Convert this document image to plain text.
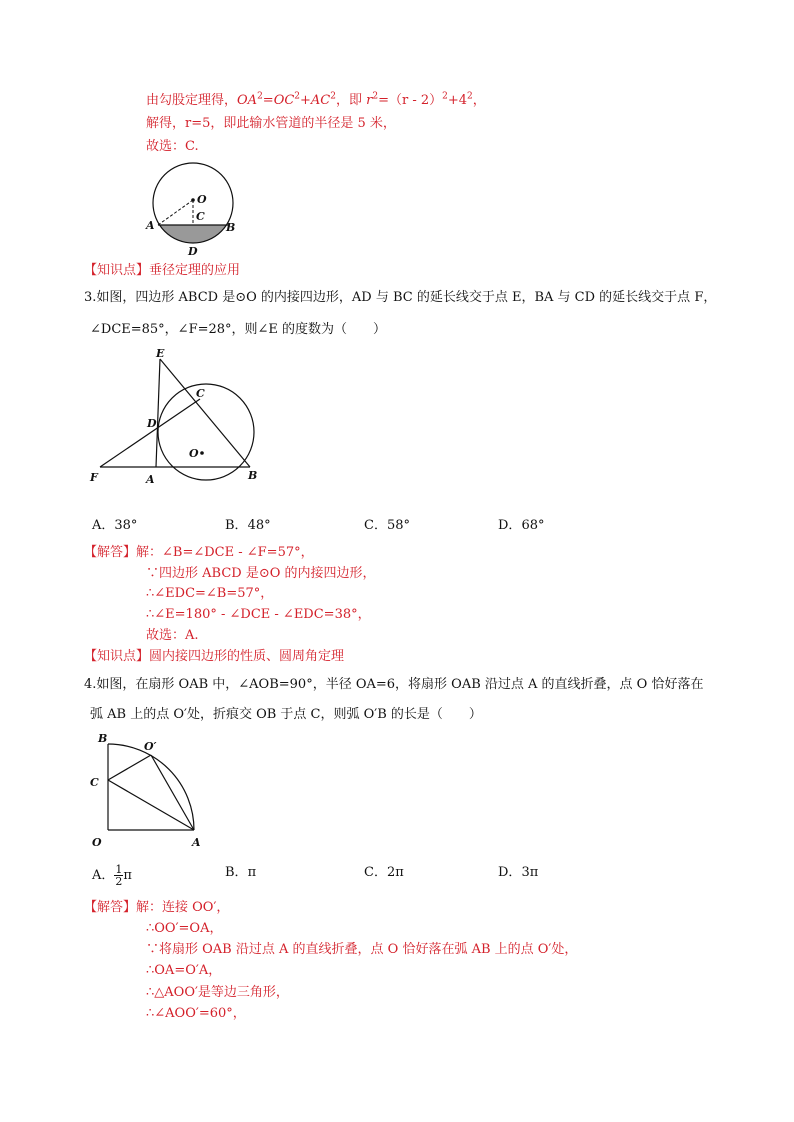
由勾股定理得，$OA^2=OC^2+AC^2$，即 $r^2=(r - 2)^2+4^2$，
解得，r=5，即此输水管道的半径是 5 米，
故选：C.
O
C
A	B
D
【知识点】垂径定理的应用
3.如图，四边形 ABCD 是⊙O 的内接四边形，AD 与 BC 的延长线交于点 E，BA 与 CD 的延长线交于点 F，
∠DCE=85°，∠F=28°，则∠E 的度数为（　　）
E
C
D
O
F	A	B
A．38°	B．48°	C．58°	D．68°
【解答】解：∠B=∠DCE - ∠F=57°，
∵四边形 ABCD 是⊙O 的内接四边形，
∴∠EDC=∠B=57°，
∴∠E=180° - ∠DCE - ∠EDC=38°，
故选：A.
【知识点】圆内接四边形的性质、圆周角定理
4.如图，在扇形 OAB 中，∠AOB=90°，半径 OA=6，将扇形 OAB 沿过点 A 的直线折叠，点 O 恰好落在
弧 AB 上的点 O′处，折痕交 OB 于点 C，则弧 O′B 的长是（　　）
B
O′
C
O	A
A． $\frac{1}{2}$ π	B．π	C．2π	D．3π
【解答】解：连接 OO′，
∴OO′=OA，
∵将扇形 OAB 沿过点 A 的直线折叠，点 O 恰好落在弧 AB 上的点 O′处，
∴OA=O′A，
∴△AOO′是等边三角形，
∴∠AOO′=60°，
